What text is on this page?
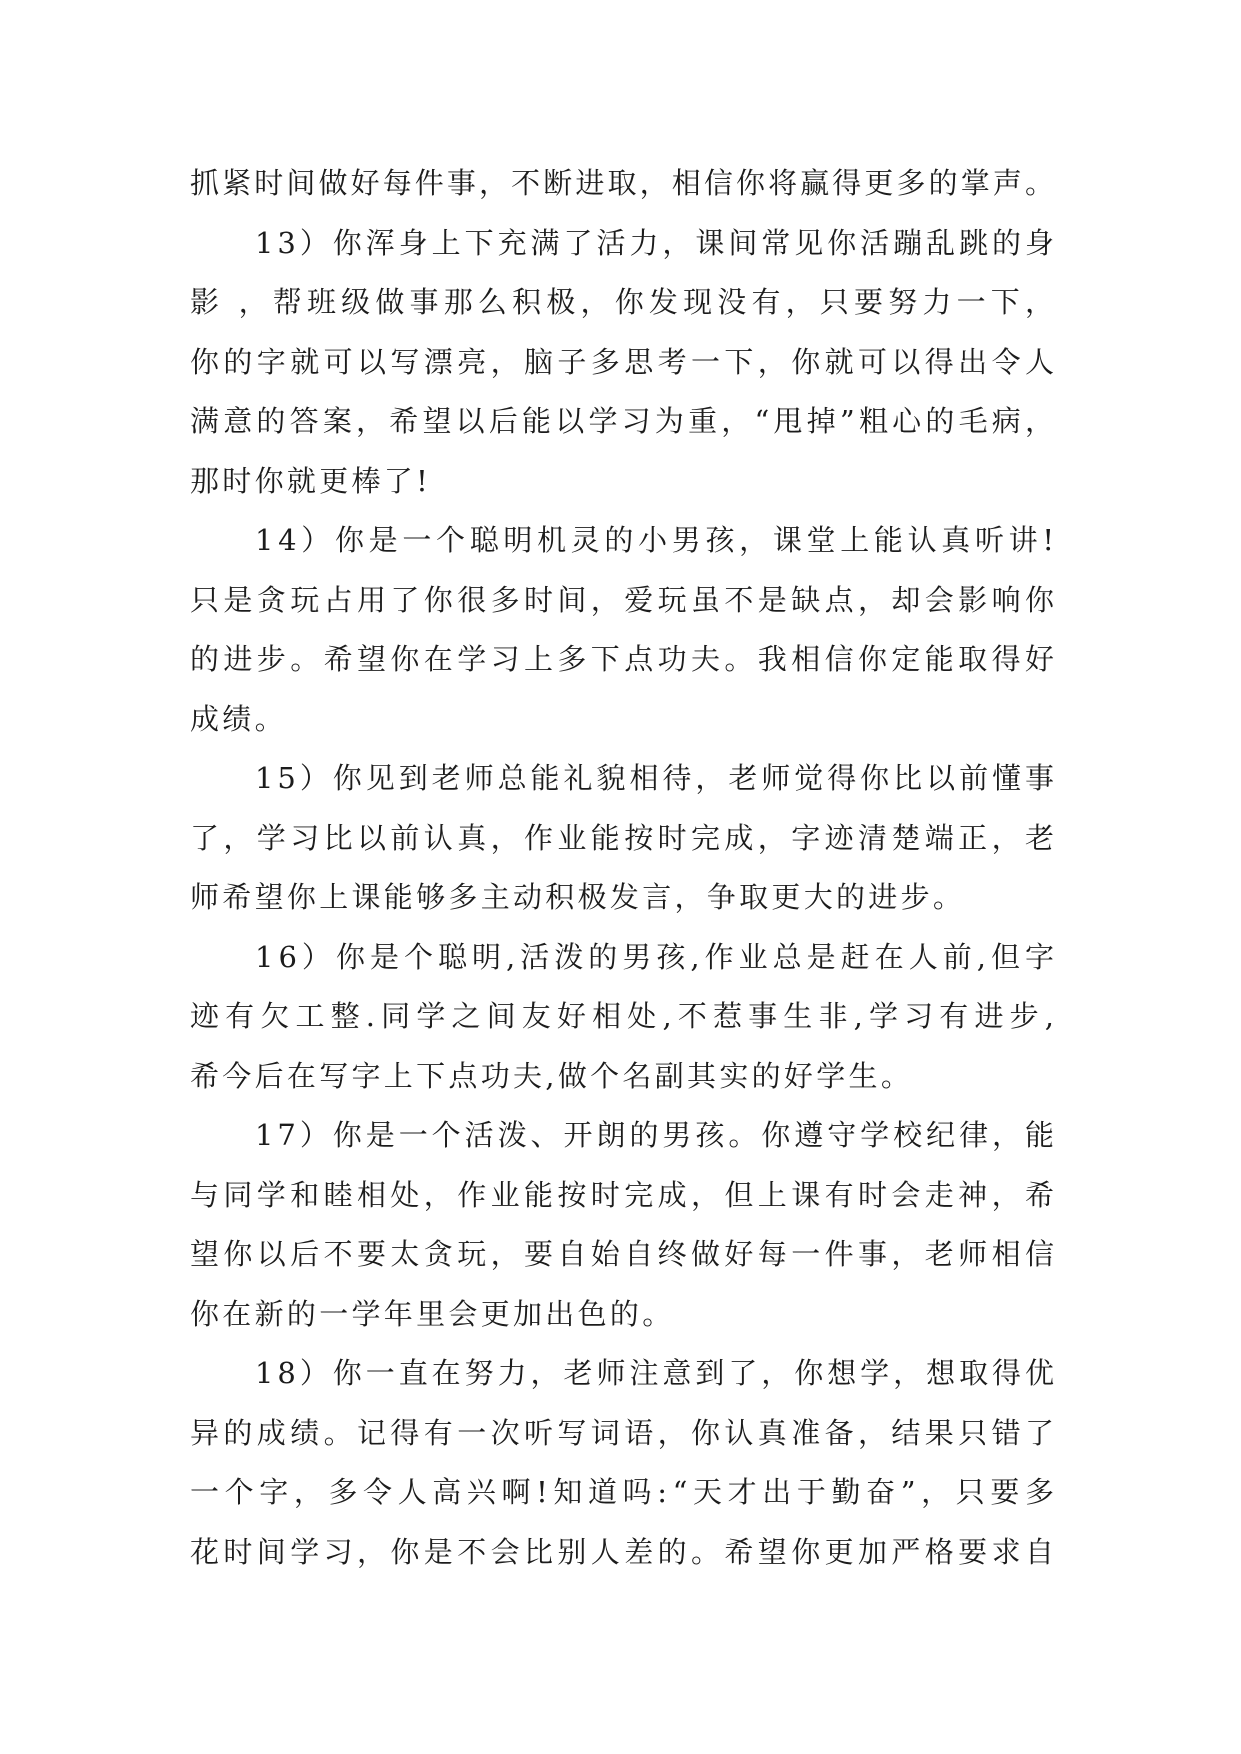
抓紧时间做好每件事，不断进取，相信你将赢得更多的掌声。
13）你浑身上下充满了活力，课间常见你活蹦乱跳的身
影 ，帮班级做事那么积极，你发现没有，只要努力一下，
你的字就可以写漂亮，脑子多思考一下，你就可以得出令人
满意的答案，希望以后能以学习为重，“甩掉”粗心的毛病，
那时你就更棒了!
14）你是一个聪明机灵的小男孩，课堂上能认真听讲!
只是贪玩占用了你很多时间，爱玩虽不是缺点，却会影响你
的进步。希望你在学习上多下点功夫。我相信你定能取得好
成绩。
15）你见到老师总能礼貌相待，老师觉得你比以前懂事
了，学习比以前认真，作业能按时完成，字迹清楚端正，老
师希望你上课能够多主动积极发言，争取更大的进步。
16）你是个聪明,活泼的男孩,作业总是赶在人前,但字
迹有欠工整.同学之间友好相处,不惹事生非,学习有进步,
希今后在写字上下点功夫,做个名副其实的好学生。
17）你是一个活泼、开朗的男孩。你遵守学校纪律，能
与同学和睦相处，作业能按时完成，但上课有时会走神，希
望你以后不要太贪玩，要自始自终做好每一件事，老师相信
你在新的一学年里会更加出色的。
18）你一直在努力，老师注意到了，你想学，想取得优
异的成绩。记得有一次听写词语，你认真准备，结果只错了
一个字，多令人高兴啊!知道吗:“天才出于勤奋”，只要多
花时间学习，你是不会比别人差的。希望你更加严格要求自
